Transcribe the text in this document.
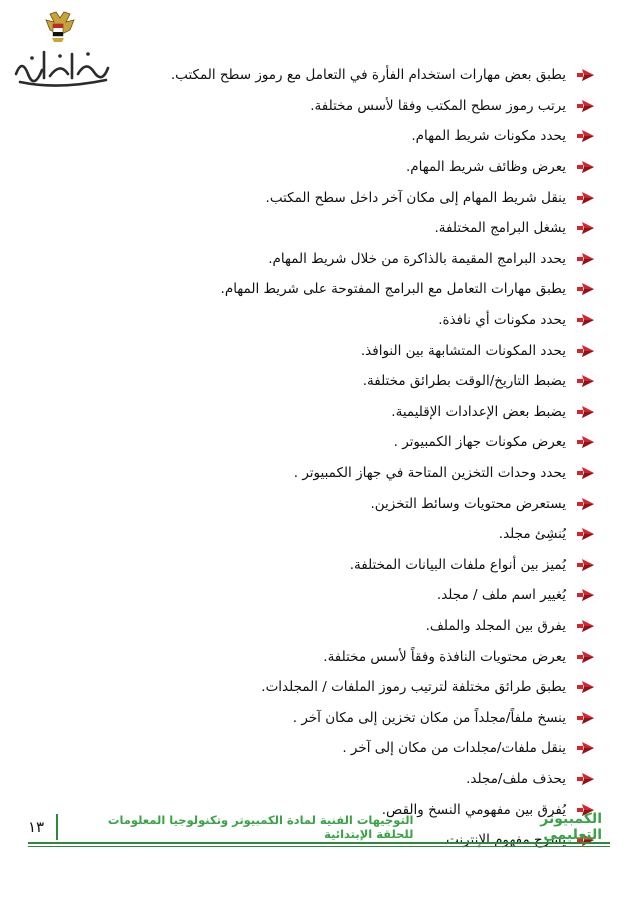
يطبق بعض مهارات استخدام الفأرة في التعامل مع رموز سطح المكتب.
يرتب رموز سطح المكتب وفقا لأسس مختلفة.
يحدد مكونات شريط المهام.
يعرض وظائف شريط المهام.
ينقل شريط المهام إلى مكان آخر داخل سطح المكتب.
يشغل البرامج المختلفة.
يحدد البرامج المقيمة بالذاكرة من خلال شريط المهام.
يطبق مهارات التعامل مع البرامج المفتوحة على شريط المهام.
يحدد مكونات أي نافذة.
يحدد المكونات المتشابهة بين النوافذ.
يضبط التاريخ/الوقت بطرائق مختلفة.
يضبط بعض الإعدادات الإقليمية.
يعرض مكونات جهاز الكمبيوتر .
يحدد وحدات التخزين المتاحة في جهاز الكمبيوتر .
يستعرض محتويات وسائط التخزين.
يُنشِئ مجلد.
يُميز بين أنواع ملفات البيانات المختلفة.
يُغيير اسم ملف / مجلد.
يفرق بين المجلد والملف.
يعرض محتويات النافذة وفقاً لأسس مختلفة.
يطبق طرائق مختلفة لترتيب رموز الملفات / المجلدات.
ينسخ ملفاً/مجلداً من مكان تخزين إلى مكان آخر .
ينقل ملفات/مجلدات من مكان إلى آخر .
يحذف ملف/مجلد.
يُفرق بين مفهومي النسخ والقص.
يشرح مفهوم الإنترنت.
الكمبيوتر التعليمي
التوجيهات الفنية لمادة الكمبيوتر وتكنولوجيا المعلومات للحلقة الإبتدائية
١٣
